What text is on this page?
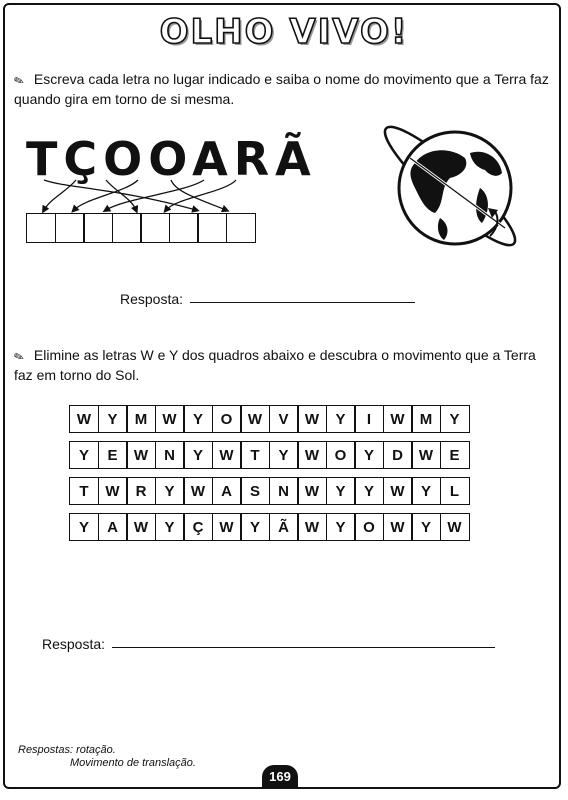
OLHO VIVO!
✎ Escreva cada letra no lugar indicado e saiba o nome do movimento que a Terra faz quando gira em torno de si mesma.
TÇOOARÃ
Resposta:
✎ Elimine as letras W e Y dos quadros abaixo e descubra o movimento que a Terra faz em torno do Sol.
W	Y	M	W	Y	O	W	V	W	Y	I	W	M	Y
Y	E	W	N	Y	W	T	Y	W	O	Y	D	W	E
T	W	R	Y	W	A	S	N	W	Y	Y	W	Y	L
Y	A	W	Y	Ç	W	Y	Ã	W	Y	O	W	Y	W
Resposta:
Respostas: rotação.
Movimento de translação.
169
